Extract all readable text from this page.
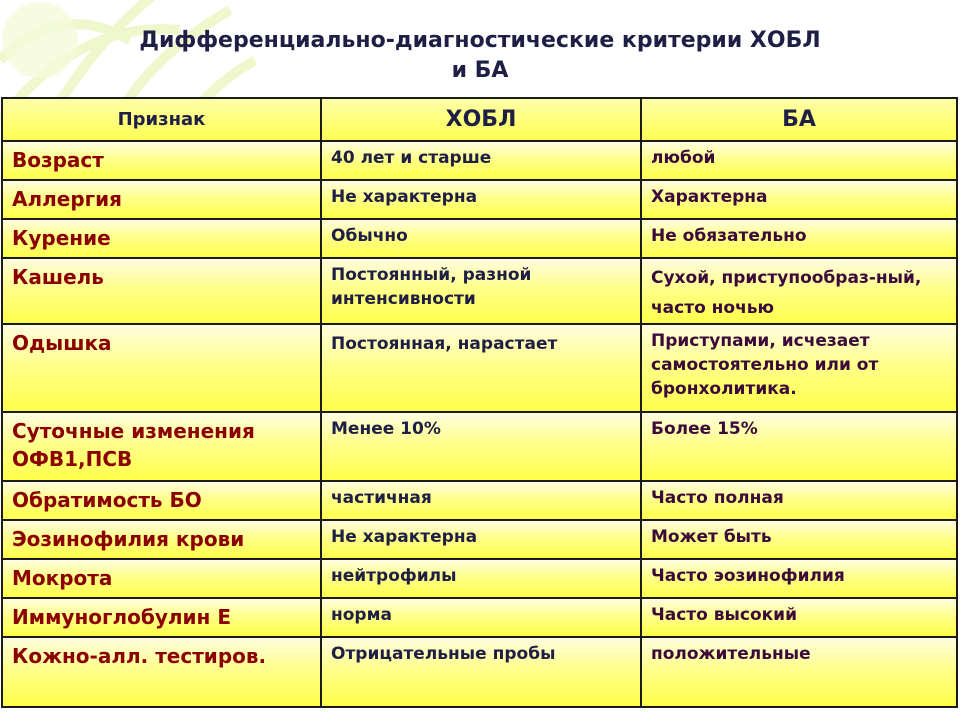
Дифференциально-диагностические критерии ХОБЛ
и БА
Признак	ХОБЛ	БА

Возраст	40 лет и старше	любой

Аллергия	Не характерна	Характерна

Курение	Обычно	Не обязательно

Кашель	Постоянный, разной интенсивности	Сухой, приступообраз-ный, часто ночью

Одышка	Постоянная, нарастает	Приступами, исчезает самостоятельно или от бронхолитика.

Суточные изменения ОФВ1,ПСВ	Менее 10%	Более 15%

Обратимость БО	частичная	Часто полная

Эозинофилия крови	Не характерна	Может быть

Мокрота	нейтрофилы	Часто эозинофилия

Иммуноглобулин Е	норма	Часто высокий

Кожно-алл. тестиров.	Отрицательные пробы	положительные
